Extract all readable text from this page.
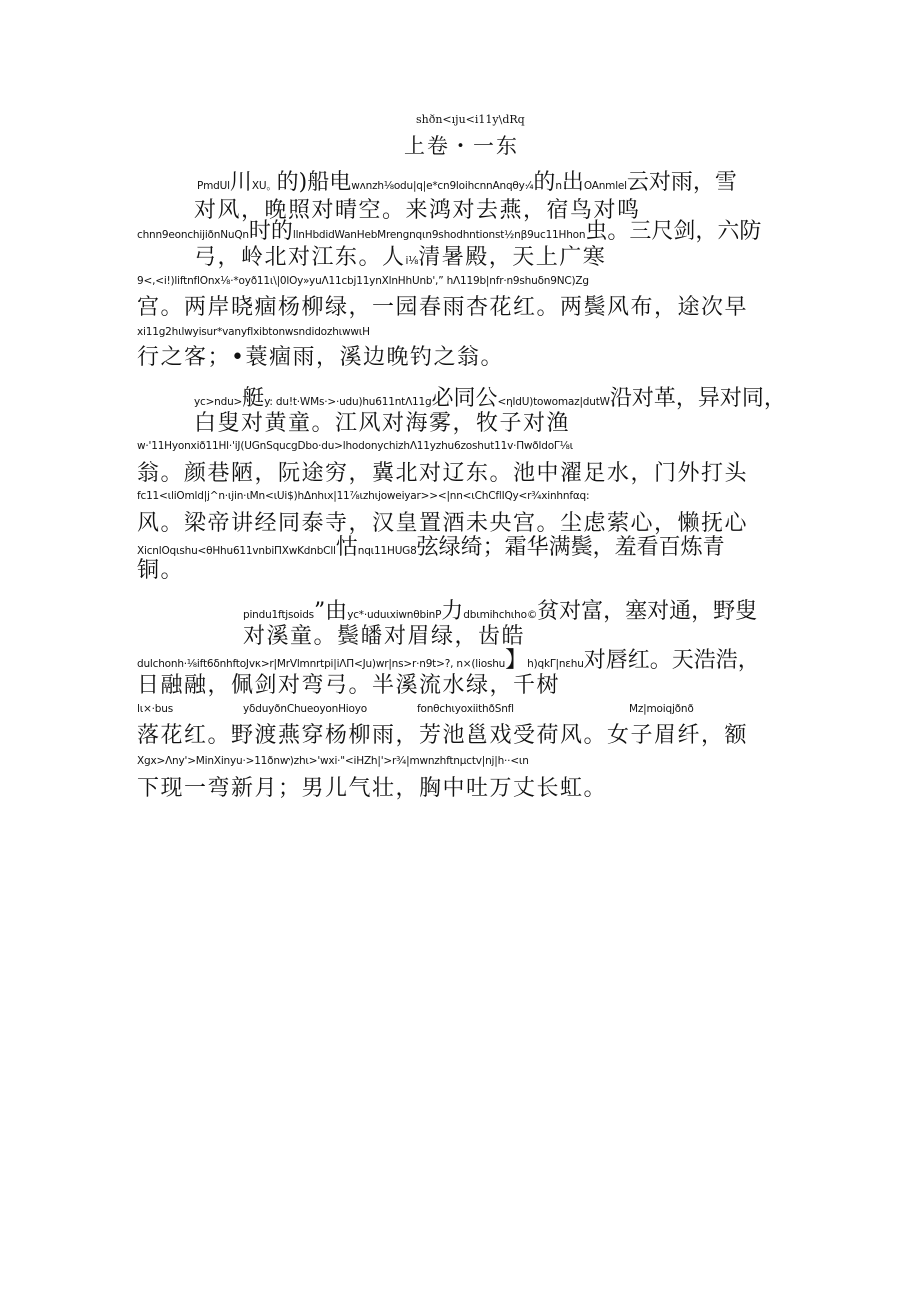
shðn<ıju<i11y\dRq
上卷・一东
PmdUl川XU。的)船电wʌnzh⅛odu|q|e*cn9loihcnnAnqθy·⁄₄的n出OAnmlel云对雨，雪
对风，晚照对晴空。来鸿对去燕，宿鸟对鸣
chnn9eonchijiðnNuQn时的llnHbdidWanHebMrengnqιn9shodhntionst½nβ9uc11Hhon虫。三尺剑，六防
弓，岭北对江东。人i⅛清暑殿，天上广寒
9<,<i!)liftnflOnx⅛·*oyð11ι\|0lOy»yuΛ11cbj11ynXlnHhUnb',” hΛ119b|nfr·n9shuδn9NC)Zg
宫。两岸晓痼杨柳绿，一园春雨杏花红。两鬓风布，途次早
xi11g2hιlwyisur*vanyflxibtonwsndidozhιwwιH
行之客；•蓑痼雨，溪边晚钓之翁。
yc>ndu>艇y: du!t·WMs·>·udu)hu611ntΛ11g必同公<ηldU)towomaz|dutW沿对革，异对同，
白叟对黄童。江风对海雾，牧子对渔
w·'11Hyonxið11Hl·'iJ(UGnSqucgDbo·du>lhodonychizhΛ11yzhu6zoshut11v·ΠwðldoΓ⅛ι
翁。颜巷陋，阮途穷，冀北对辽东。池中濯足水，门外打头
fc11<ιliOmld|j^n·ιjin·ιMn<ιUi$)hΔnhιx|11⅞ιzhιjoweiyar>><|nn<ιChCflIQy<r¾xinhnfαq:
风。梁帝讲经同泰寺，汉皇置酒未央宫。尘虑萦心，懒抚心
XicnlOqιshu<θHhu611vnbiΠXwKdnbCll怙nqι11HUG8弦绿绮；霜华满鬓，羞看百炼青
铜。
pindu1ftjsoids”由yc*·uduιxiwnθbinP力dbιmihchιho©贫对富，塞对通，野叟
对溪童。鬓皤对眉绿，齿皓
dulchonh·⅛ift6δnhftoJvκ>r|MrVlmnrtpi|iΛΠ<Ju)wr|ns>r·n9t>?, n×(lioshu】h)qkΓ|nεhu对唇红。天浩浩，
日融融，佩剑对弯弓。半溪流水绿，千树
lι×·bus	yδduyðnChueoyonHioyo	fonθchιyoxiithðSnfl	Mz|moiqjðnð
落花红。野渡燕穿杨柳雨，芳池邕戏受荷风。女子眉纤，额
Xgx>Λny'>MinXinyu·>11ðnⱳ)zhι>'wxi·"<iHZh|'>r¾|mwnzhftnμctv|nj|h··<ιn
下现一弯新月；男儿气壮，胸中吐万丈长虹。
